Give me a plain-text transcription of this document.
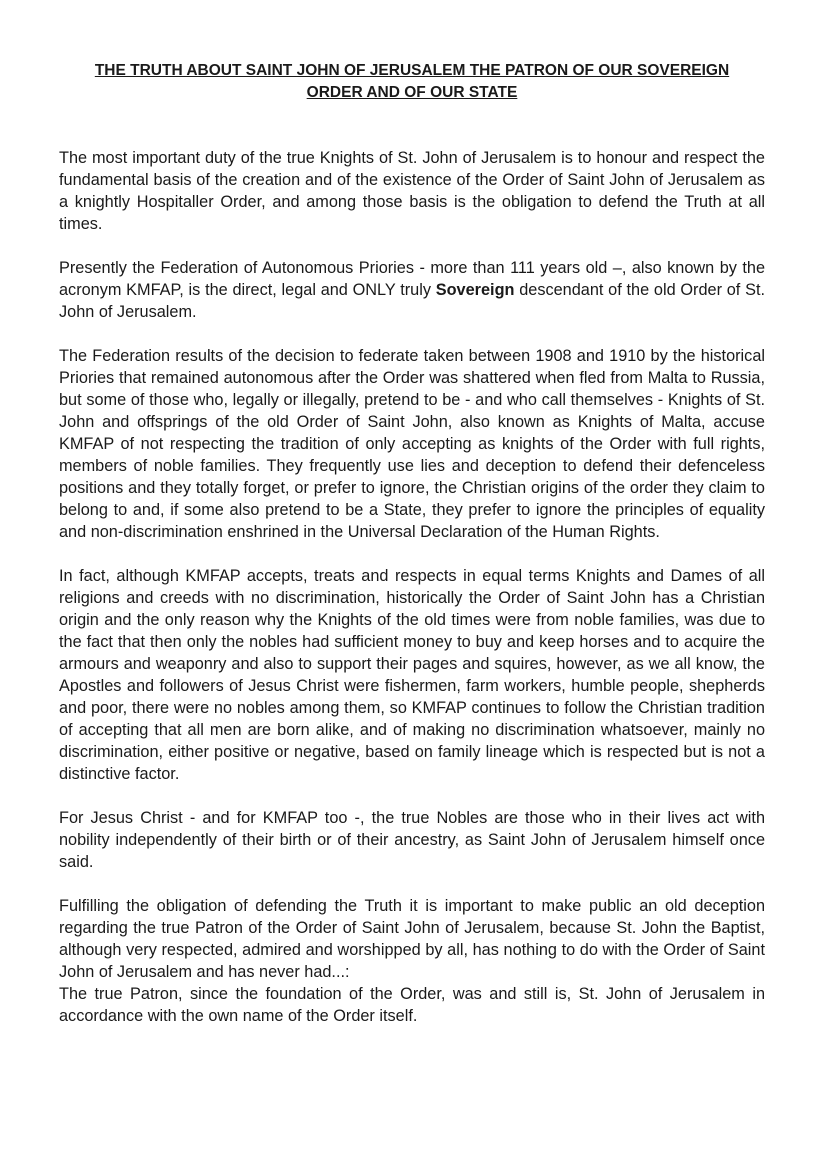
THE TRUTH ABOUT SAINT JOHN OF JERUSALEM THE PATRON OF OUR SOVEREIGN
ORDER AND OF OUR STATE

The most important duty of the true Knights of St. John of Jerusalem is to honour and respect the fundamental basis of the creation and of the existence of the Order of Saint John of Jerusalem as a knightly Hospitaller Order, and among those basis is the obligation to defend the Truth at all times.

Presently the Federation of Autonomous Priories - more than 111 years old –, also known by the acronym KMFAP, is the direct, legal and ONLY truly Sovereign descendant of the old Order of St. John of Jerusalem.

The Federation results of the decision to federate taken between 1908 and 1910 by the historical Priories that remained autonomous after the Order was shattered when fled from Malta to Russia, but some of those who, legally or illegally, pretend to be - and who call themselves - Knights of St. John and offsprings of the old Order of Saint John, also known as Knights of Malta, accuse KMFAP of not respecting the tradition of only accepting as knights of the Order with full rights, members of noble families. They frequently use lies and deception to defend their defenceless positions and they totally forget, or prefer to ignore, the Christian origins of the order they claim to belong to and, if some also pretend to be a State, they prefer to ignore the principles of equality and non-discrimination enshrined in the Universal Declaration of the Human Rights.

In fact, although KMFAP accepts, treats and respects in equal terms Knights and Dames of all religions and creeds with no discrimination, historically the Order of Saint John has a Christian origin and the only reason why the Knights of the old times were from noble families, was due to the fact that then only the nobles had sufficient money to buy and keep horses and to acquire the armours and weaponry and also to support their pages and squires, however, as we all know, the Apostles and followers of Jesus Christ were fishermen, farm workers, humble people, shepherds and poor, there were no nobles among them, so KMFAP continues to follow the Christian tradition of accepting that all men are born alike, and of making no discrimination whatsoever, mainly no discrimination, either positive or negative, based on family lineage which is respected but is not a distinctive factor.

For Jesus Christ - and for KMFAP too -, the true Nobles are those who in their lives act with nobility independently of their birth or of their ancestry, as Saint John of Jerusalem himself once said.

Fulfilling the obligation of defending the Truth it is important to make public an old deception regarding the true Patron of the Order of Saint John of Jerusalem, because St. John the Baptist, although very respected, admired and worshipped by all, has nothing to do with the Order of Saint John of Jerusalem and has never had...:

The true Patron, since the foundation of the Order, was and still is, St. John of Jerusalem in accordance with the own name of the Order itself.
